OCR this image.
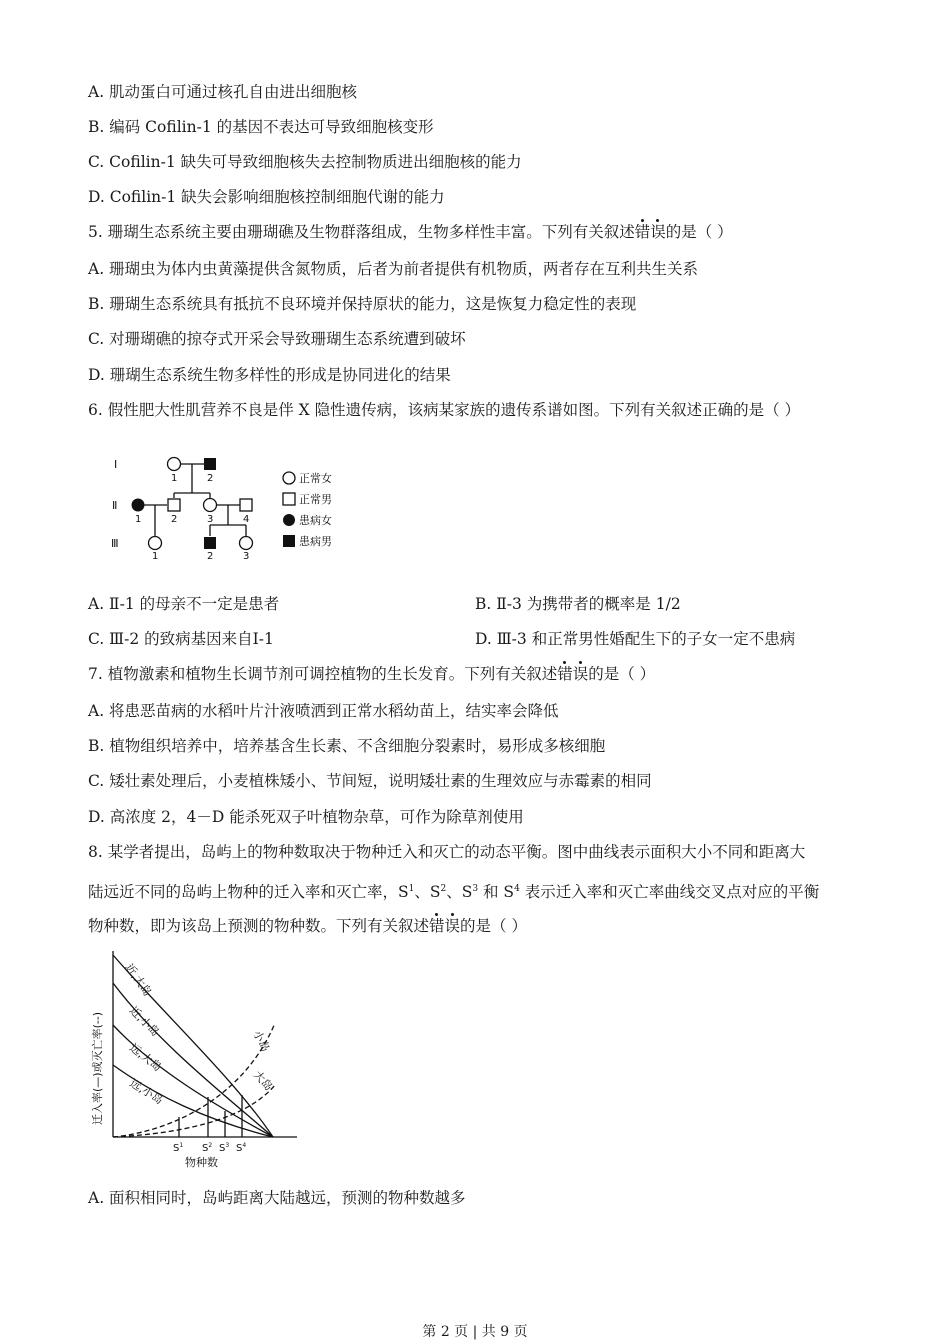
A. 肌动蛋白可通过核孔自由进出细胞核
B. 编码 Cofilin-1 的基因不表达可导致细胞核变形
C. Cofilin-1 缺失可导致细胞核失去控制物质进出细胞核的能力
D. Cofilin-1 缺失会影响细胞核控制细胞代谢的能力
5. 珊瑚生态系统主要由珊瑚礁及生物群落组成，生物多样性丰富。下列有关叙述错误的是（ ）
A. 珊瑚虫为体内虫黄藻提供含氮物质，后者为前者提供有机物质，两者存在互利共生关系
B. 珊瑚生态系统具有抵抗不良环境并保持原状的能力，这是恢复力稳定性的表现
C. 对珊瑚礁的掠夺式开采会导致珊瑚生态系统遭到破坏
D. 珊瑚生态系统生物多样性的形成是协同进化的结果
6. 假性肥大性肌营养不良是伴 X 隐性遗传病，该病某家族的遗传系谱如图。下列有关叙述正确的是（ ）
Ⅰ
Ⅱ
Ⅲ
1	2
1	2	3	4
1	2	3
正常女
正常男
患病女
患病男
A. Ⅱ-1 的母亲不一定是患者	B. Ⅱ-3 为携带者的概率是 1/2
C. Ⅲ-2 的致病基因来自Ⅰ-1	D. Ⅲ-3 和正常男性婚配生下的子女一定不患病
7. 植物激素和植物生长调节剂可调控植物的生长发育。下列有关叙述错误的是（ ）
A. 将患恶苗病的水稻叶片汁液喷洒到正常水稻幼苗上，结实率会降低
B. 植物组织培养中，培养基含生长素、不含细胞分裂素时，易形成多核细胞
C. 矮壮素处理后，小麦植株矮小、节间短，说明矮壮素的生理效应与赤霉素的相同
D. 高浓度 2，4－D 能杀死双子叶植物杂草，可作为除草剂使用
8. 某学者提出，岛屿上的物种数取决于物种迁入和灭亡的动态平衡。图中曲线表示面积大小不同和距离大
陆远近不同的岛屿上物种的迁入率和灭亡率，$S^1$、$S^2$、$S^3$ 和 $S^4$ 表示迁入率和灭亡率曲线交叉点对应的平衡
物种数，即为该岛上预测的物种数。下列有关叙述错误的是（ ）
迁入率(—)或灭亡率(--)
近,大岛
近,小岛
远,大岛
远,小岛
小岛
大岛
$S^1$ $S^2$ $S^3$ $S^4$
物种数
A. 面积相同时，岛屿距离大陆越远，预测的物种数越多
第 2 页 | 共 9 页
